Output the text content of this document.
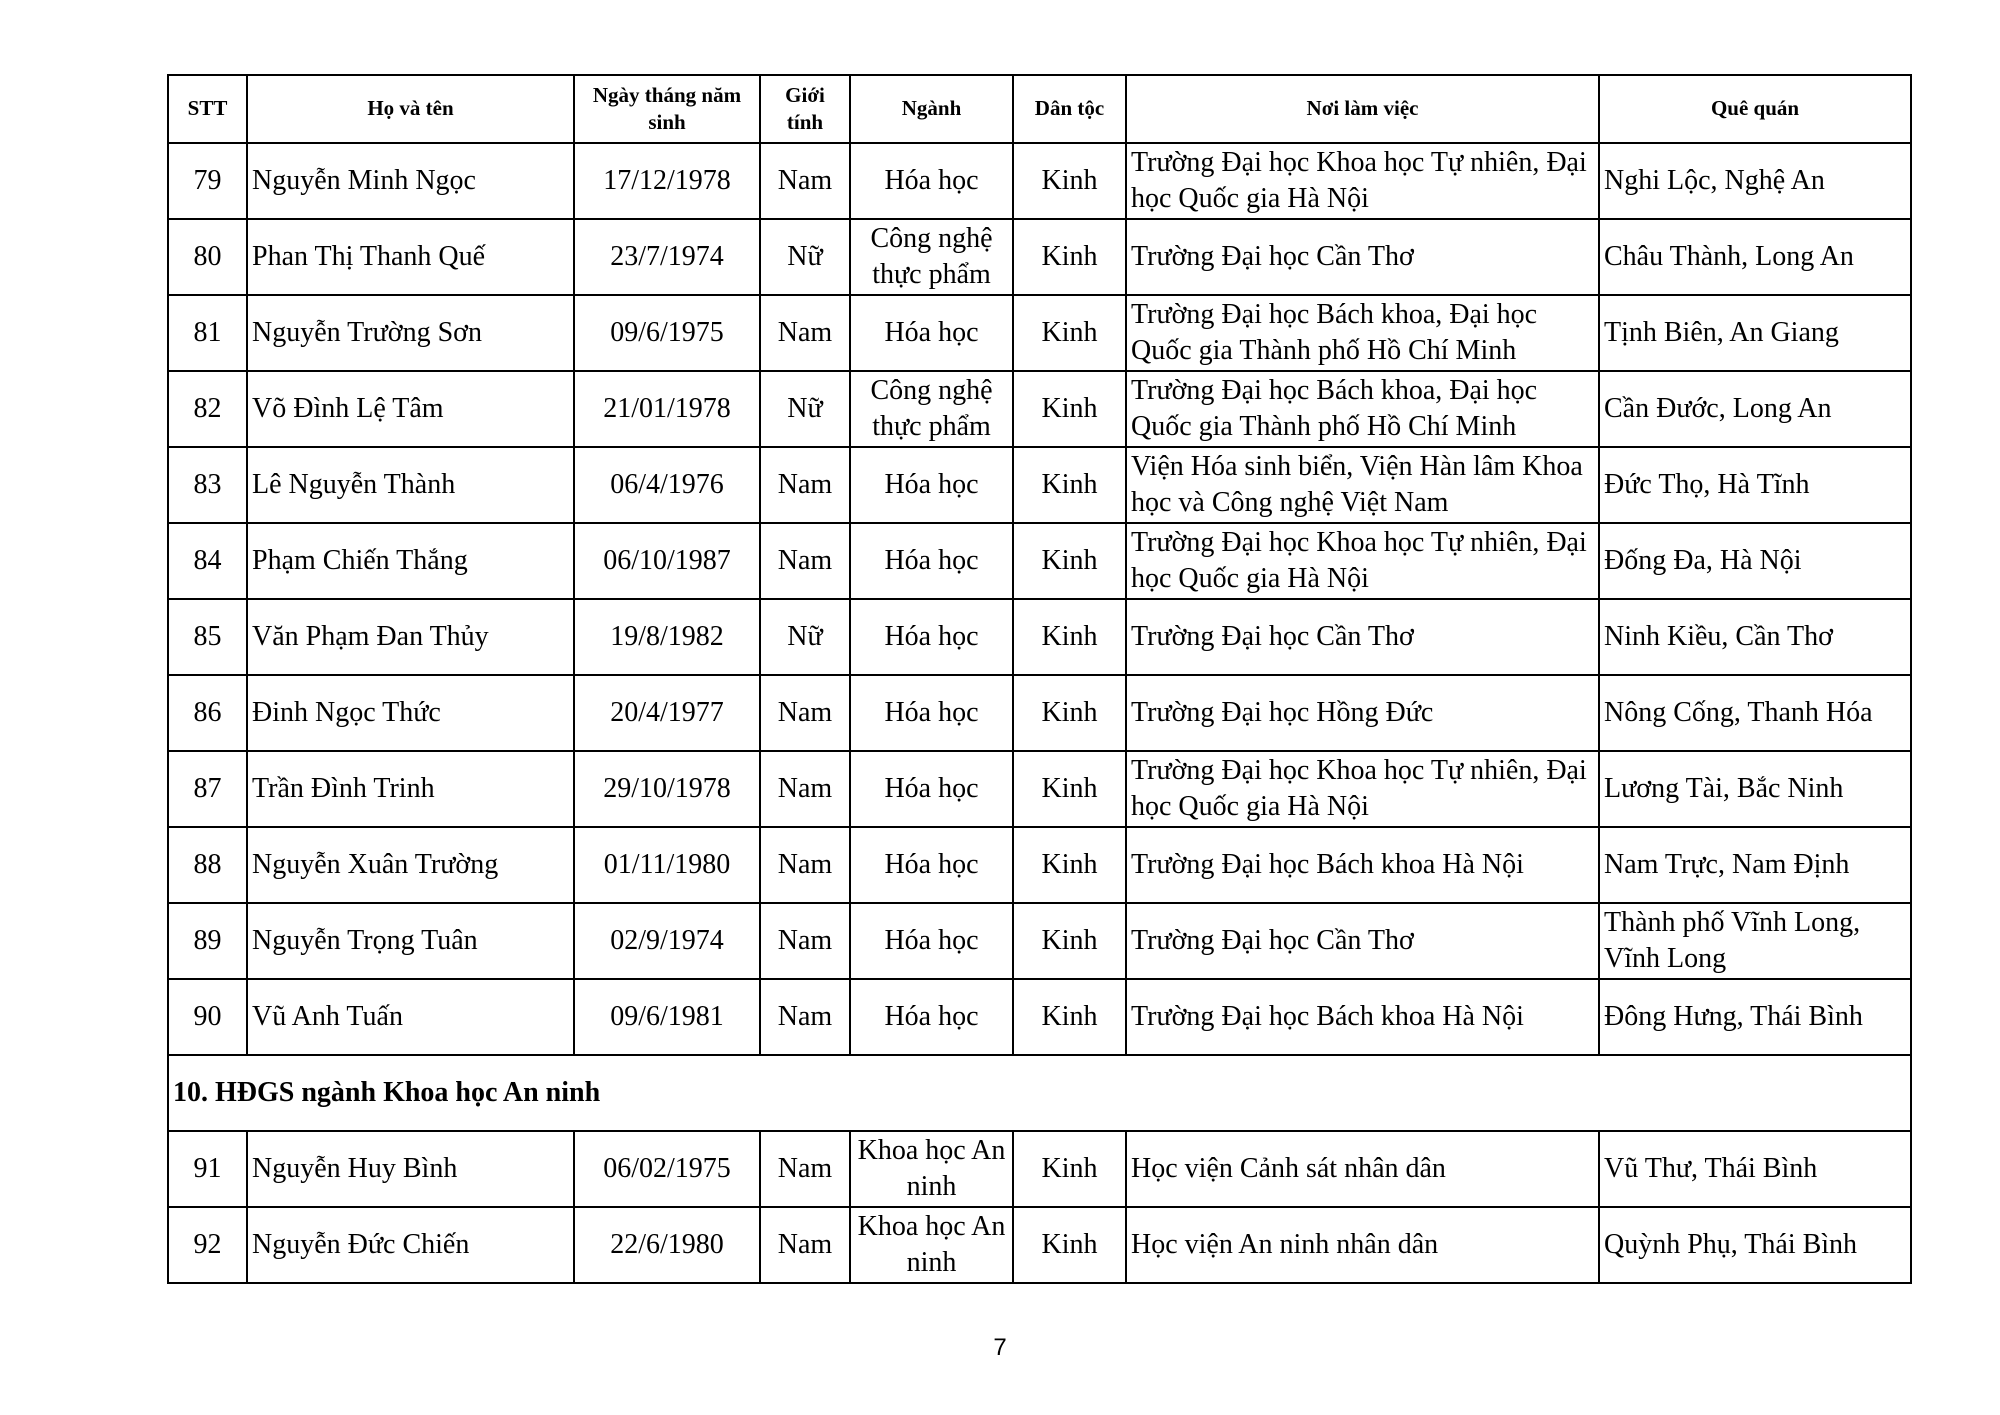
STT	Họ và tên	Ngày tháng năm sinh	Giới tính	Ngành	Dân tộc	Nơi làm việc	Quê quán
79	Nguyễn Minh Ngọc	17/12/1978	Nam	Hóa học	Kinh	Trường Đại học Khoa học Tự nhiên, Đại học Quốc gia Hà Nội	Nghi Lộc, Nghệ An
80	Phan Thị Thanh Quế	23/7/1974	Nữ	Công nghệ thực phẩm	Kinh	Trường Đại học Cần Thơ	Châu Thành, Long An
81	Nguyễn Trường Sơn	09/6/1975	Nam	Hóa học	Kinh	Trường Đại học Bách khoa, Đại học Quốc gia Thành phố Hồ Chí Minh	Tịnh Biên, An Giang
82	Võ Đình Lệ Tâm	21/01/1978	Nữ	Công nghệ thực phẩm	Kinh	Trường Đại học Bách khoa, Đại học Quốc gia Thành phố Hồ Chí Minh	Cần Đước, Long An
83	Lê Nguyễn Thành	06/4/1976	Nam	Hóa học	Kinh	Viện Hóa sinh biển, Viện Hàn lâm Khoa học và Công nghệ Việt Nam	Đức Thọ, Hà Tĩnh
84	Phạm Chiến Thắng	06/10/1987	Nam	Hóa học	Kinh	Trường Đại học Khoa học Tự nhiên, Đại học Quốc gia Hà Nội	Đống Đa, Hà Nội
85	Văn Phạm Đan Thủy	19/8/1982	Nữ	Hóa học	Kinh	Trường Đại học Cần Thơ	Ninh Kiều, Cần Thơ
86	Đinh Ngọc Thức	20/4/1977	Nam	Hóa học	Kinh	Trường Đại học Hồng Đức	Nông Cống, Thanh Hóa
87	Trần Đình Trinh	29/10/1978	Nam	Hóa học	Kinh	Trường Đại học Khoa học Tự nhiên, Đại học Quốc gia Hà Nội	Lương Tài, Bắc Ninh
88	Nguyễn Xuân Trường	01/11/1980	Nam	Hóa học	Kinh	Trường Đại học Bách khoa Hà Nội	Nam Trực, Nam Định
89	Nguyễn Trọng Tuân	02/9/1974	Nam	Hóa học	Kinh	Trường Đại học Cần Thơ	Thành phố Vĩnh Long, Vĩnh Long
90	Vũ Anh Tuấn	09/6/1981	Nam	Hóa học	Kinh	Trường Đại học Bách khoa Hà Nội	Đông Hưng, Thái Bình
10. HĐGS ngành Khoa học An ninh							
91	Nguyễn Huy Bình	06/02/1975	Nam	Khoa học An ninh	Kinh	Học viện Cảnh sát nhân dân	Vũ Thư, Thái Bình
92	Nguyễn Đức Chiến	22/6/1980	Nam	Khoa học An ninh	Kinh	Học viện An ninh nhân dân	Quỳnh Phụ, Thái Bình
7
